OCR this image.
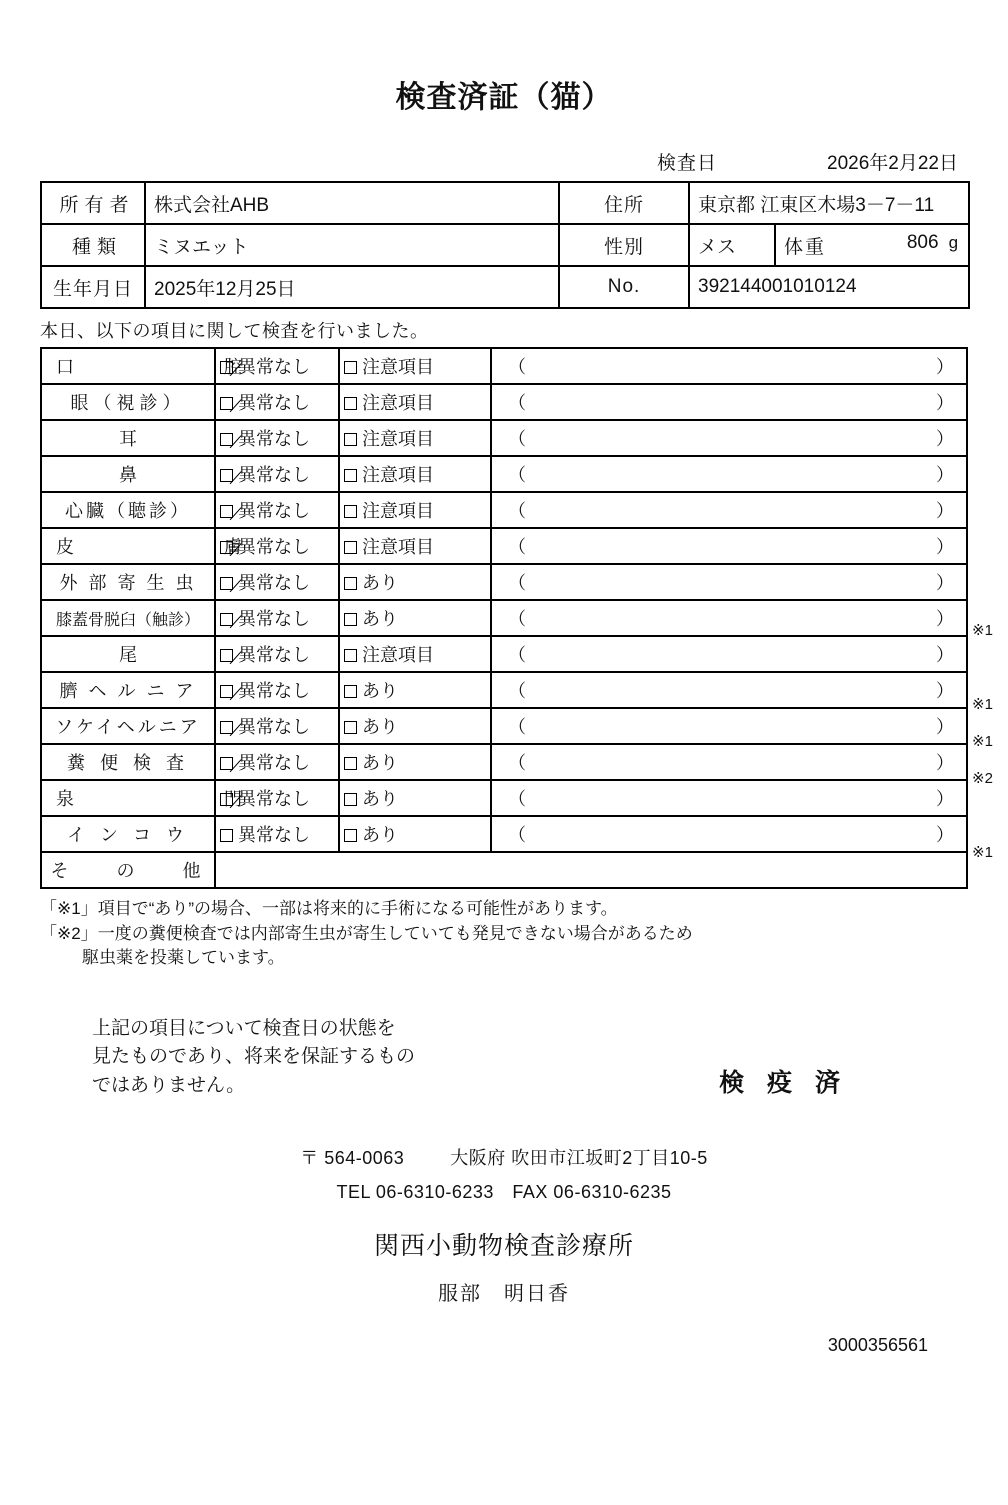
検査済証（猫）
検査日	2026年2月22日
所有者	株式会社AHB	住所	東京都 江東区木場3－7－11	
種類	ミヌエット	性別	メス	体重 806 g
生年月日	2025年12月25日	No.	392144001010124	
本日、以下の項目に関して検査を行いました。
口　　　　　腔	異常なし	注意項目	（ ）

眼（視診）	異常なし	注意項目	（ ）

耳	異常なし	注意項目	（ ）

鼻	異常なし	注意項目	（ ）

心臓（聴診）	異常なし	注意項目	（ ）

皮　　　　　膚	異常なし	注意項目	（ ）

外 部 寄 生 虫	異常なし	あり	（ ）

膝蓋骨脱臼（触診）	異常なし	あり	（ ）

尾	異常なし	注意項目	（ ）

臍 ヘ ル ニ ア	異常なし	あり	（ ）

ソケイヘルニア	異常なし	あり	（ ）

糞 便 検 査	異常なし	あり	（ ）

泉　　　　　門	異常なし	あり	（ ）

イ ン コ ウ	異常なし	あり	（ ）

そ 　 の 　 他			

※1
※1
※1
※2
※1
「※1」項目で“あり”の場合、一部は将来的に手術になる可能性があります。
「※2」一度の糞便検査では内部寄生虫が寄生していても発見できない場合があるため
駆虫薬を投薬しています。
上記の項目について検査日の状態を
見たものであり、将来を保証するもの
ではありません。	検 疫 済
〒 564-0063	大阪府 吹田市江坂町2丁目10-5
TEL 06-6310-6233　FAX 06-6310-6235
関西小動物検査診療所
服部　明日香
3000356561
